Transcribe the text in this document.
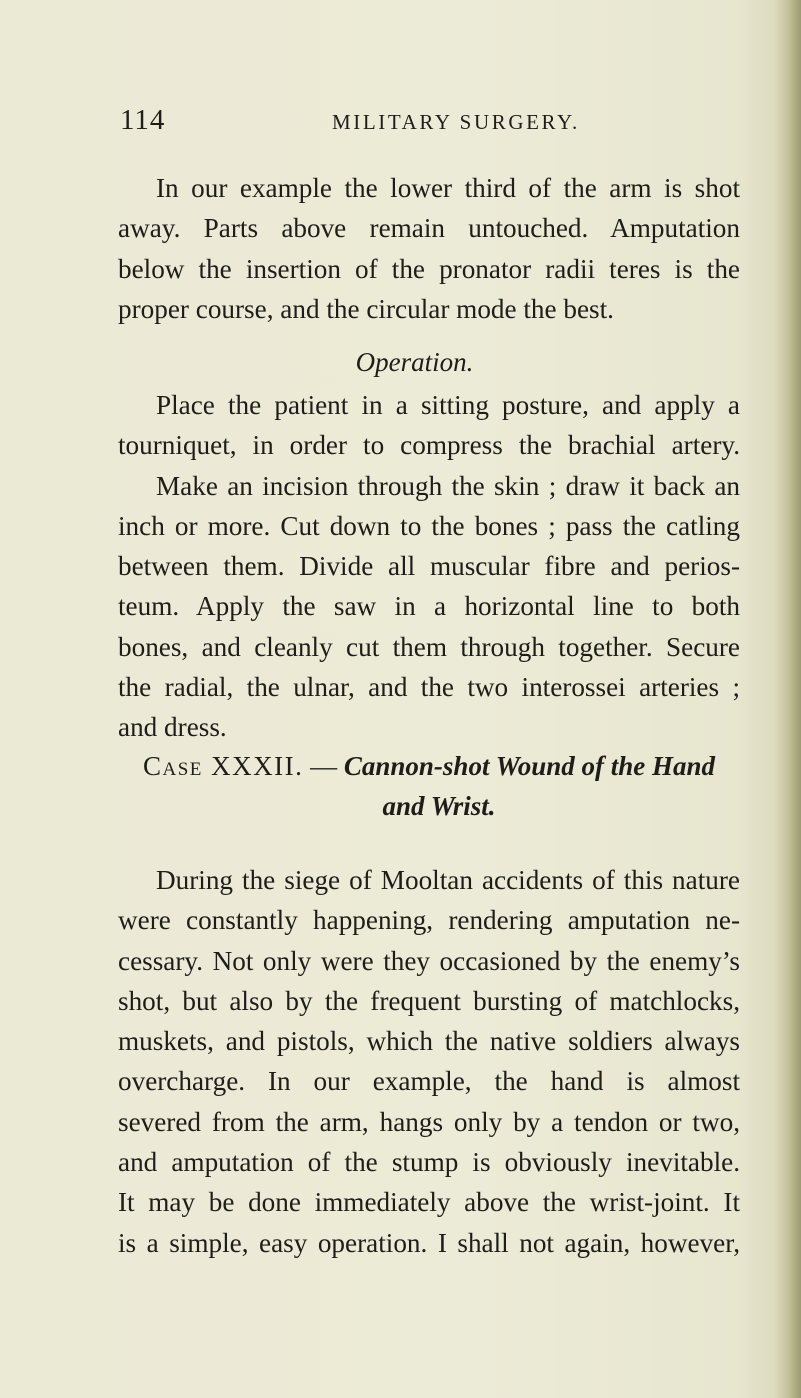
114	MILITARY SURGERY.
In our example the lower third of the arm is shot
away. Parts above remain untouched. Amputation
below the insertion of the pronator radii teres is the
proper course, and the circular mode the best.
Operation.
Place the patient in a sitting posture, and apply a
tourniquet, in order to compress the brachial artery.
Make an incision through the skin ; draw it back an
inch or more. Cut down to the bones ; pass the catling
between them. Divide all muscular fibre and perios-
teum. Apply the saw in a horizontal line to both
bones, and cleanly cut them through together. Secure
the radial, the ulnar, and the two interossei arteries ;
and dress.
Case XXXII. — Cannon-shot Wound of the Hand
and Wrist.
During the siege of Mooltan accidents of this nature
were constantly happening, rendering amputation ne-
cessary. Not only were they occasioned by the enemy’s
shot, but also by the frequent bursting of matchlocks,
muskets, and pistols, which the native soldiers always
overcharge. In our example, the hand is almost
severed from the arm, hangs only by a tendon or two,
and amputation of the stump is obviously inevitable.
It may be done immediately above the wrist-joint. It
is a simple, easy operation. I shall not again, however,
